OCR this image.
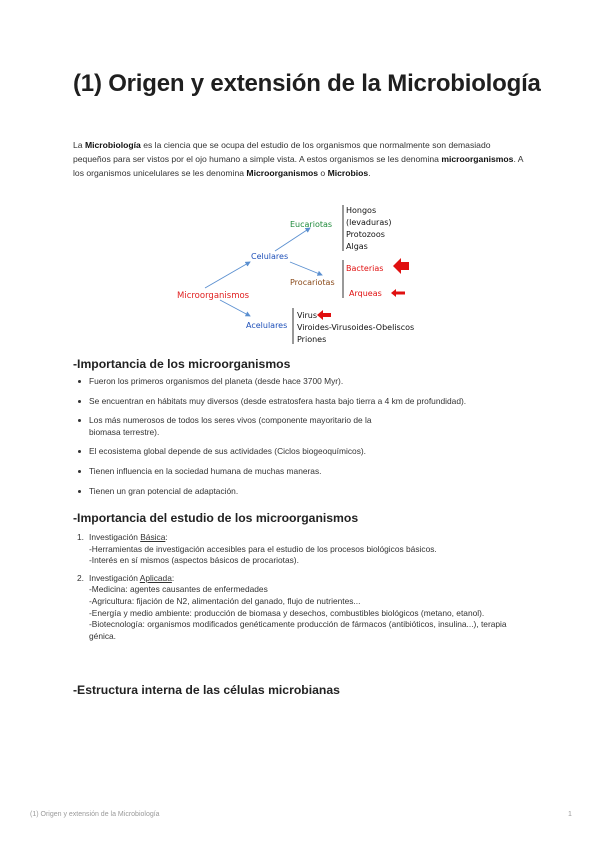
(1) Origen y extensión de la Microbiología

La Microbiología es la ciencia que se ocupa del estudio de los organismos que normalmente son demasiado pequeños para ser vistos por el ojo humano a simple vista. A estos organismos se les denomina microorganismos. A los organismos unicelulares se les denomina Microorganismos o Microbios.

Microorganismos
Celulares
Acelulares
Eucariotas
Procariotas
Hongos
(levaduras)
Protozoos
Algas
Bacterias
Arqueas
Virus
Viroides-Virusoides-Obeliscos
Priones
-Importancia de los microorganismos
Fueron los primeros organismos del planeta (desde hace 3700 Myr).
Se encuentran en hábitats muy diversos (desde estratosfera hasta bajo tierra a 4 km de profundidad).
Los más numerosos de todos los seres vivos (componente mayoritario de la biomasa terrestre).
El ecosistema global depende de sus actividades (Ciclos biogeoquímicos).
Tienen influencia en la sociedad humana de muchas maneras.
Tienen un gran potencial de adaptación.
-Importancia del estudio de los microorganismos
1. Investigación Básica:
-Herramientas de investigación accesibles para el estudio de los procesos biológicos básicos.
-Interés en sí mismos (aspectos básicos de procariotas).
2. Investigación Aplicada:
-Medicina: agentes causantes de enfermedades
-Agricultura: fijación de N2, alimentación del ganado, flujo de nutrientes...
-Energía y medio ambiente: producción de biomasa y desechos, combustibles biológicos (metano, etanol).
-Biotecnología: organismos modificados genéticamente producción de fármacos (antibióticos, insulina...), terapia génica.
-Estructura interna de las células microbianas
(1) Origen y extensión de la Microbiología	1
